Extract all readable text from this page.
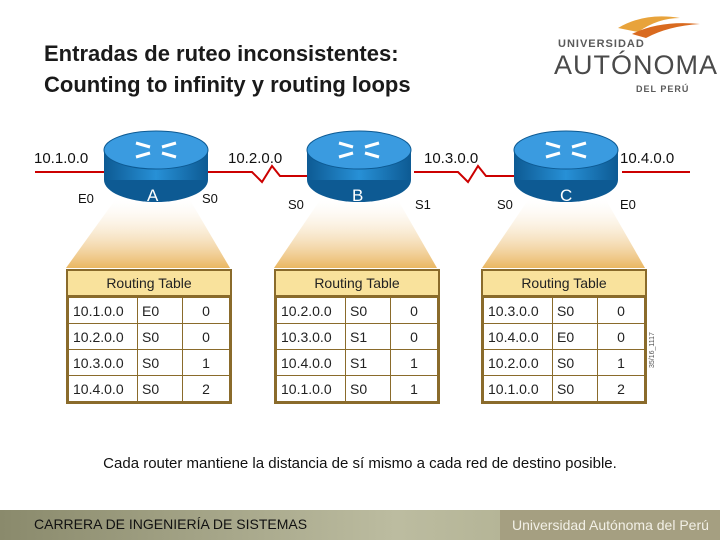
Entradas de ruteo inconsistentes:
Counting to infinity y routing loops
UNIVERSIDAD
AUTÓNOMA
DEL PERÚ
10.1.0.0	10.2.0.0	10.3.0.0	10.4.0.0
A	B	C
E0	S0	S0	S1	S0	E0
Routing Table
10.1.0.0	E0	0
10.2.0.0	S0	0
10.3.0.0	S0	1
10.4.0.0	S0	2
Routing Table
10.2.0.0	S0	0
10.3.0.0	S1	0
10.4.0.0	S1	1
10.1.0.0	S0	1
Routing Table
10.3.0.0	S0	0
10.4.0.0	E0	0
10.2.0.0	S0	1
10.1.0.0	S0	2
35/16_1117
Cada router mantiene la distancia de sí mismo a cada red de destino posible.
CARRERA DE INGENIERÍA DE SISTEMAS	Universidad Autónoma del Perú
